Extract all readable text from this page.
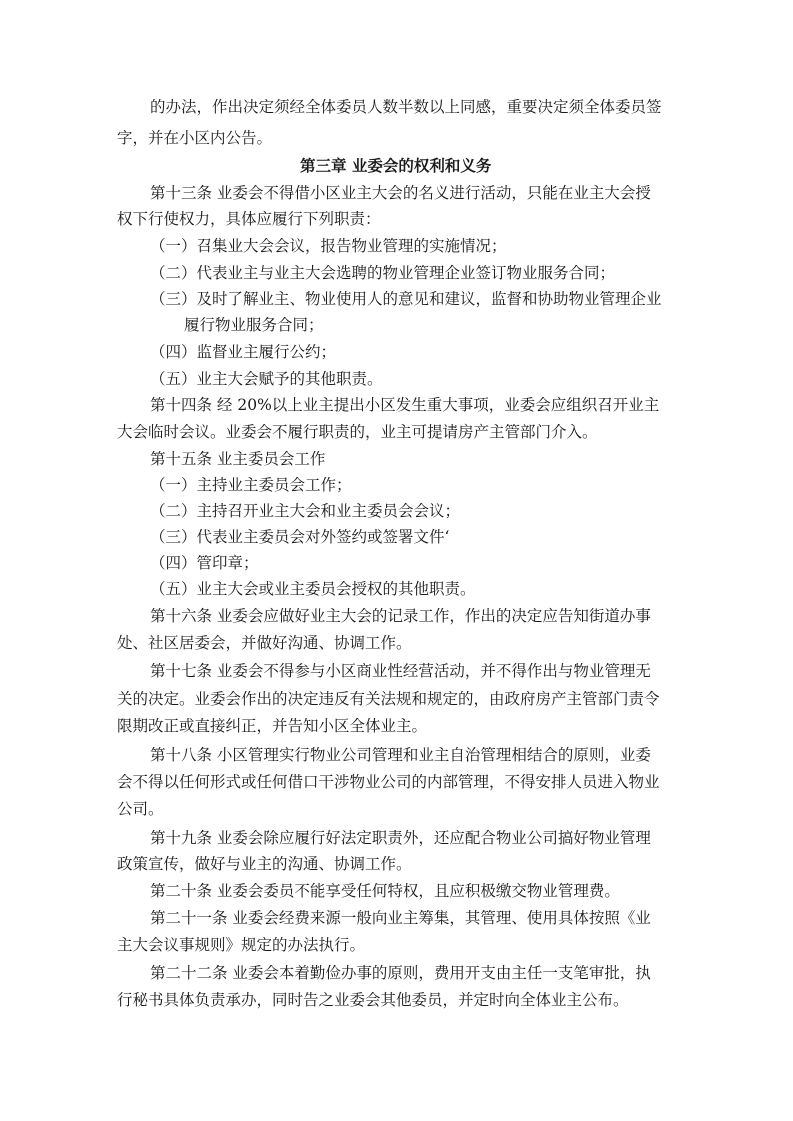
的办法，作出决定须经全体委员人数半数以上同感，重要决定须全体委员签
字，并在小区内公告。
第三章 业委会的权利和义务
第十三条 业委会不得借小区业主大会的名义进行活动，只能在业主大会授
权下行使权力，具体应履行下列职责：
（一）召集业大会会议，报告物业管理的实施情况；
（二）代表业主与业主大会选聘的物业管理企业签订物业服务合同；
（三）及时了解业主、物业使用人的意见和建议，监督和协助物业管理企业
履行物业服务合同；
（四）监督业主履行公约；
（五）业主大会赋予的其他职责。
第十四条 经 20%以上业主提出小区发生重大事项，业委会应组织召开业主
大会临时会议。业委会不履行职责的，业主可提请房产主管部门介入。
第十五条 业主委员会工作
（一）主持业主委员会工作；
（二）主持召开业主大会和业主委员会会议；
（三）代表业主委员会对外签约或签署文件‘
（四）管印章；
（五）业主大会或业主委员会授权的其他职责。
第十六条 业委会应做好业主大会的记录工作，作出的决定应告知街道办事
处、社区居委会，并做好沟通、协调工作。
第十七条 业委会不得参与小区商业性经营活动，并不得作出与物业管理无
关的决定。业委会作出的决定违反有关法规和规定的，由政府房产主管部门责令
限期改正或直接纠正，并告知小区全体业主。
第十八条 小区管理实行物业公司管理和业主自治管理相结合的原则，业委
会不得以任何形式或任何借口干涉物业公司的内部管理，不得安排人员进入物业
公司。
第十九条 业委会除应履行好法定职责外，还应配合物业公司搞好物业管理
政策宣传，做好与业主的沟通、协调工作。
第二十条 业委会委员不能享受任何特权，且应积极缴交物业管理费。
第二十一条 业委会经费来源一般向业主筹集，其管理、使用具体按照《业
主大会议事规则》规定的办法执行。
第二十二条 业委会本着勤俭办事的原则，费用开支由主任一支笔审批，执
行秘书具体负责承办，同时告之业委会其他委员，并定时向全体业主公布。
